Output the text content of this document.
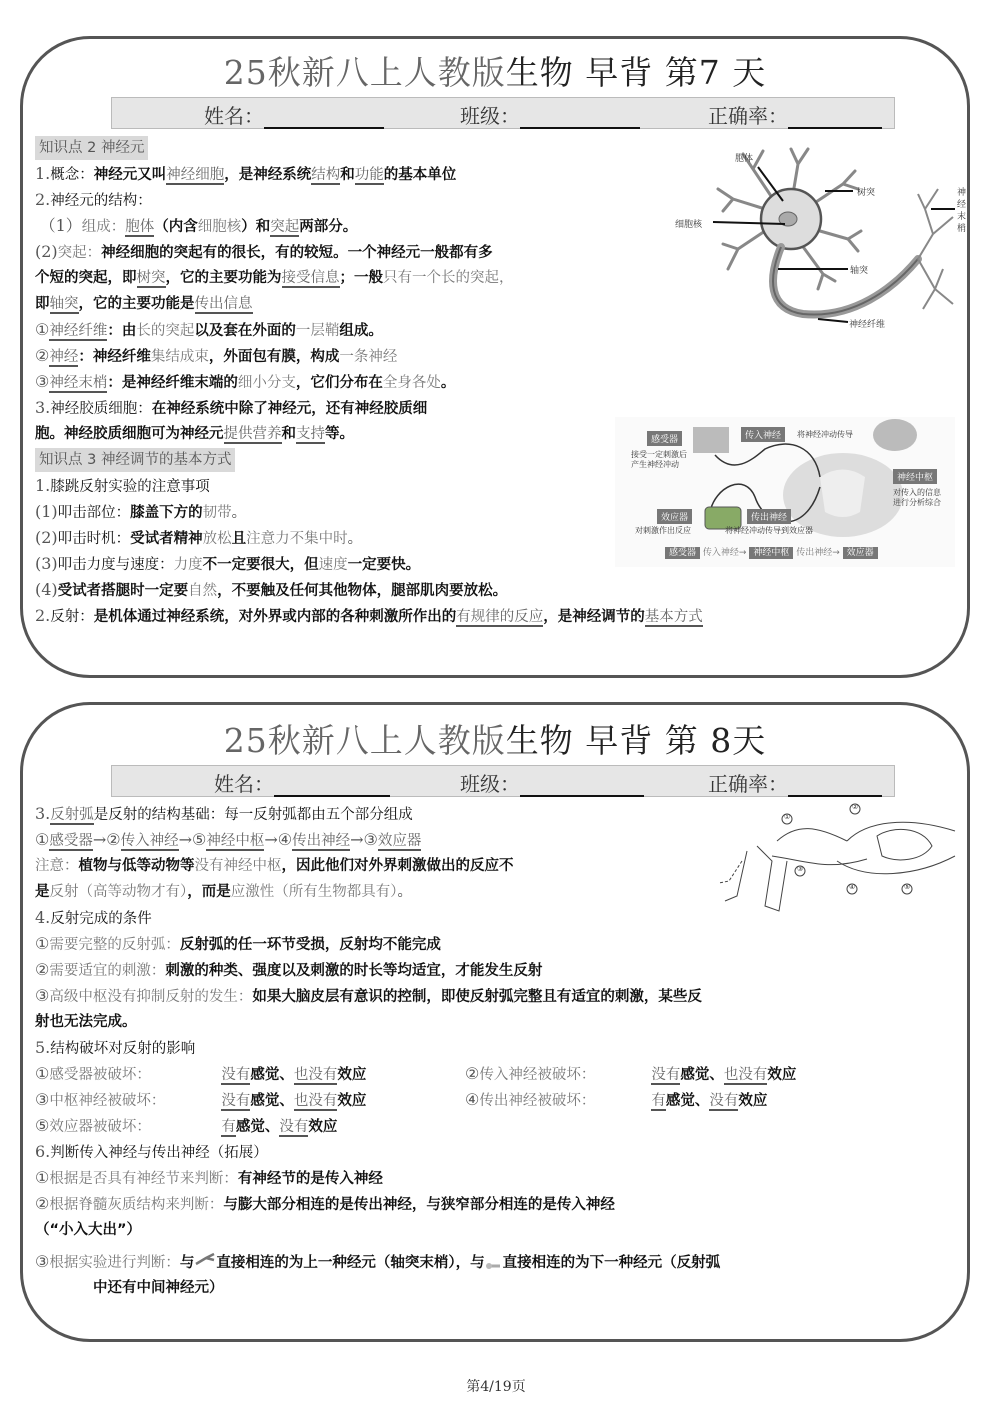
25秋新八上人教版生物 早背 第7 天
姓名：	班级：	正确率：
知识点 2 神经元
1.概念：神经元又叫神经细胞，是神经系统结构和功能的基本单位
2.神经元的结构：
（1）组成：胞体（内含细胞核）和突起两部分。
(2)突起：神经细胞的突起有的很长，有的较短。一个神经元一般都有多
个短的突起，即树突，它的主要功能为接受信息；一般只有一个长的突起，
即轴突，它的主要功能是传出信息
①神经纤维：由长的突起以及套在外面的一层鞘组成。
②神经：神经纤维集结成束，外面包有膜，构成一条神经
③神经末梢：是神经纤维末端的细小分支，它们分布在全身各处。
3.神经胶质细胞：在神经系统中除了神经元，还有神经胶质细
胞。神经胶质细胞可为神经元提供营养和支持等。
知识点 3 神经调节的基本方式
1.膝跳反射实验的注意事项
(1)叩击部位：膝盖下方的韧带。
(2)叩击时机：受试者精神放松且注意力不集中时。
(3)叩击力度与速度：力度不一定要很大，但速度一定要快。
(4)受试者搭腿时一定要自然，不要触及任何其他物体，腿部肌肉要放松。
2.反射：是机体通过神经系统，对外界或内部的各种刺激所作出的有规律的反应，是神经调节的基本方式
胞体
树突
细胞核
轴突
神经纤维
神经末梢
感受器
接受一定刺激后
产生神经冲动
传入神经	将神经冲动传导
神经中枢
对传入的信息
进行分析综合
效应器
对刺激作出反应
传出神经
将神经冲动传导到效应器
感受器 传入神经→ 神经中枢 传出神经→ 效应器
25秋新八上人教版生物 早背 第 8天
姓名：	班级：	正确率：
3.反射弧是反射的结构基础：每一反射弧都由五个部分组成
①感受器→②传入神经→⑤神经中枢→④传出神经→③效应器
注意：植物与低等动物等没有神经中枢，因此他们对外界刺激做出的反应不
是反射（高等动物才有），而是应激性（所有生物都具有）。
4.反射完成的条件
①需要完整的反射弧：反射弧的任一环节受损，反射均不能完成
②需要适宜的刺激：刺激的种类、强度以及刺激的时长等均适宜，才能发生反射
③高级中枢没有抑制反射的发生：如果大脑皮层有意识的控制，即使反射弧完整且有适宜的刺激，某些反
射也无法完成。
5.结构破坏对反射的影响
①感受器被破坏：	没有感觉、也没有效应	②传入神经被破坏：	没有感觉、也没有效应
③中枢神经被破坏：	没有感觉、也没有效应	④传出神经被破坏：	有感觉、没有效应
⑤效应器被破坏：	有感觉、没有效应
6.判断传入神经与传出神经（拓展）
①根据是否具有神经节来判断：有神经节的是传入神经
②根据脊髓灰质结构来判断：与膨大部分相连的是传出神经，与狭窄部分相连的是传入神经
（“小入大出”）
③根据实验进行判断：与 直接相连的为上一种经元（轴突末梢），与 直接相连的为下一种经元（反射弧
中还有中间神经元）
①
②
③
④	⑤
第4/19页
